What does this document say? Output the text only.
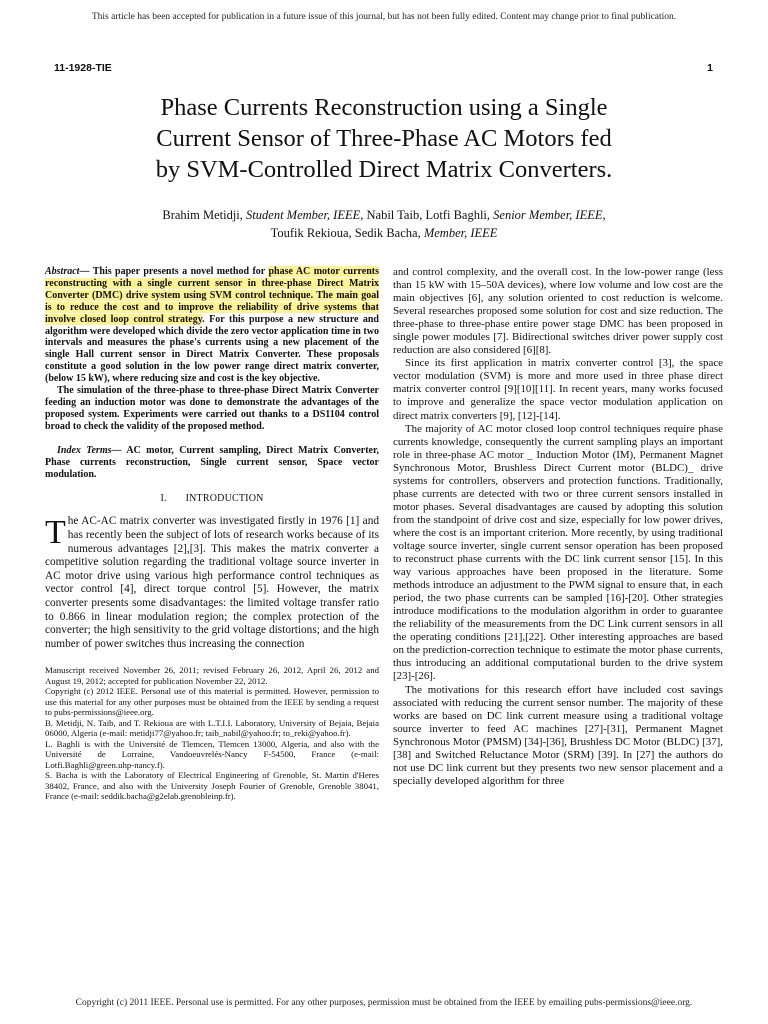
This article has been accepted for publication in a future issue of this journal, but has not been fully edited. Content may change prior to final publication.
11-1928-TIE	1
Phase Currents Reconstruction using a Single
Current Sensor of Three-Phase AC Motors fed
by SVM-Controlled Direct Matrix Converters.
Brahim Metidji, Student Member, IEEE, Nabil Taib, Lotfi Baghli, Senior Member, IEEE,
Toufik Rekioua, Sedik Bacha, Member, IEEE

Abstract— This paper presents a novel method for phase AC motor currents reconstructing with a single current sensor in three-phase Direct Matrix Converter (DMC) drive system using SVM control technique. The main goal is to reduce the cost and to improve the reliability of drive systems that involve closed loop control strategy. For this purpose a new structure and algorithm were developed which divide the zero vector application time in two intervals and measures the phase's currents using a new placement of the single Hall current sensor in Direct Matrix Converter. These proposals constitute a good solution in the low power range direct matrix converter, (below 15 kW), where reducing size and cost is the key objective.

The simulation of the three-phase to three-phase Direct Matrix Converter feeding an induction motor was done to demonstrate the advantages of the proposed system. Experiments were carried out thanks to a DS1104 control broad to check the validity of the proposed method.

Index Terms— AC motor, Current sampling, Direct Matrix Converter, Phase currents reconstruction, Single current sensor, Space vector modulation.

I. INTRODUCTION

The AC-AC matrix converter was investigated firstly in 1976 [1] and has recently been the subject of lots of research works because of its numerous advantages [2],[3]. This makes the matrix converter a competitive solution regarding the traditional voltage source inverter in AC motor drive using various high performance control techniques as vector control [4], direct torque control [5]. However, the matrix converter presents some disadvantages: the limited voltage transfer ratio to 0.866 in linear modulation region; the complex protection of the converter; the high sensitivity to the grid voltage distortions; and the high number of power switches thus increasing the connection

Manuscript received November 26, 2011; revised February 26, 2012, April 26, 2012 and August 19, 2012; accepted for publication November 22, 2012.
Copyright (c) 2012 IEEE. Personal use of this material is permitted. However, permission to use this material for any other purposes must be obtained from the IEEE by sending a request to pubs-permissions@ieee.org.
B. Metidji, N. Taib, and T. Rekioua are with L.T.I.I. Laboratory, University of Bejaia, Bejaia 06000, Algeria (e-mail: metidji77@yahoo.fr; taib_nabil@yahoo.fr; to_reki@yahoo.fr).
L. Baghli is with the Université de Tlemcen, Tlemcen 13000, Algeria, and also with the Université de Lorraine, Vandoeuvrelés-Nancy F-54500, France (e-mail: Lotfi.Baghli@green.uhp-nancy.f).
S. Bacha is with the Laboratory of Electrical Engineering of Grenoble, St. Martin d'Heres 38402, France, and also with the University Joseph Fourier of Grenoble, Grenoble 38041, France (e-mail: seddik.bacha@g2elab.grenobleinp.fr).

and control complexity, and the overall cost. In the low-power range (less than 15 kW with 15–50A devices), where low volume and low cost are the main objectives [6], any solution oriented to cost reduction is welcome. Several researches proposed some solution for cost and size reduction. The three-phase to three-phase entire power stage DMC has been proposed in single power modules [7]. Bidirectional switches driver power supply cost reduction are also considered [6][8].

Since its first application in matrix converter control [3], the space vector modulation (SVM) is more and more used in three phase direct matrix converter control [9][10][11]. In recent years, many works focused to improve and generalize the space vector modulation application on direct matrix converters [9], [12]-[14].

The majority of AC motor closed loop control techniques require phase currents knowledge, consequently the current sampling plays an important role in three-phase AC motor _ Induction Motor (IM), Permanent Magnet Synchronous Motor, Brushless Direct Current motor (BLDC)_ drive systems for controllers, observers and protection functions. Traditionally, phase currents are detected with two or three current sensors installed in motor phases. Several disadvantages are caused by adopting this solution from the standpoint of drive cost and size, especially for low power drives, where the cost is an important criterion. More recently, by using traditional voltage source inverter, single current sensor operation has been proposed to reconstruct phase currents with the DC link current sensor [15]. In this way various approaches have been proposed in the literature. Some methods introduce an adjustment to the PWM signal to ensure that, in each period, the two phase currents can be sampled [16]-[20]. Other strategies introduce modifications to the modulation algorithm in order to guarantee the reliability of the measurements from the DC Link current sensors in all the operating conditions [21],[22]. Other interesting approaches are based on the prediction-correction technique to estimate the motor phase currents, thus introducing an additional computational burden to the drive system [23]-[26].

The motivations for this research effort have included cost savings associated with reducing the current sensor number. The majority of these works are based on DC link current measure using a traditional voltage source inverter to feed AC machines [27]-[31], Permanent Magnet Synchronous Motor (PMSM) [34]-[36], Brushless DC Motor (BLDC) [37],[38] and Switched Reluctance Motor (SRM) [39]. In [27] the authors do not use DC link current but they presents two new sensor placement and a specially developed algorithm for three

Copyright (c) 2011 IEEE. Personal use is permitted. For any other purposes, permission must be obtained from the IEEE by emailing pubs-permissions@ieee.org.
